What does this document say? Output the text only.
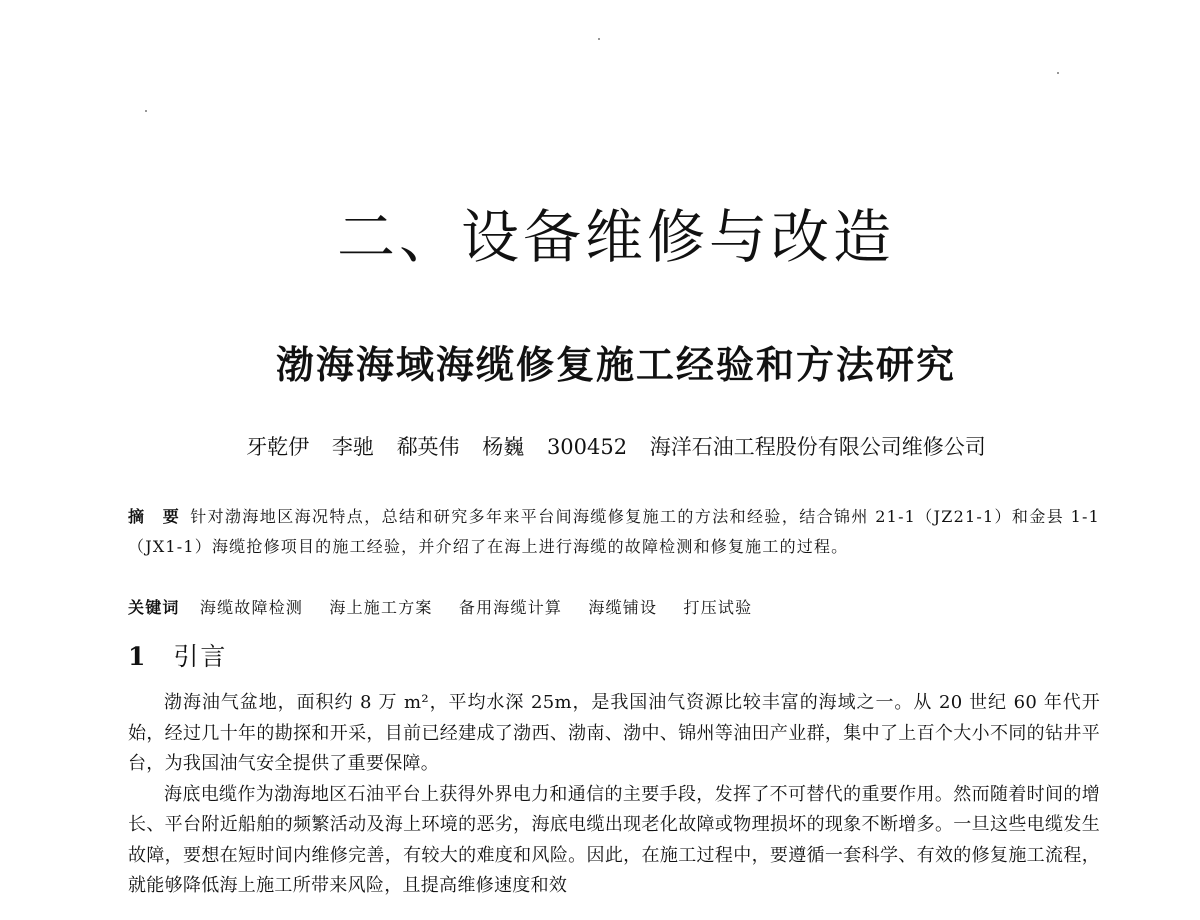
二、设备维修与改造
渤海海域海缆修复施工经验和方法研究
牙乾伊 李驰 郗英伟 杨巍 300452 海洋石油工程股份有限公司维修公司
摘　要 针对渤海地区海况特点，总结和研究多年来平台间海缆修复施工的方法和经验，结合锦州 21-1（JZ21-1）和金县 1-1（JX1-1）海缆抢修项目的施工经验，并介绍了在海上进行海缆的故障检测和修复施工的过程。
关键词 海缆故障检测 海上施工方案 备用海缆计算 海缆铺设 打压试验
1 引言

渤海油气盆地，面积约 8 万 m²，平均水深 25m，是我国油气资源比较丰富的海域之一。从 20 世纪 60 年代开始，经过几十年的勘探和开采，目前已经建成了渤西、渤南、渤中、锦州等油田产业群，集中了上百个大小不同的钻井平台，为我国油气安全提供了重要保障。

海底电缆作为渤海地区石油平台上获得外界电力和通信的主要手段，发挥了不可替代的重要作用。然而随着时间的增长、平台附近船舶的频繁活动及海上环境的恶劣，海底电缆出现老化故障或物理损坏的现象不断增多。一旦这些电缆发生故障，要想在短时间内维修完善，有较大的难度和风险。因此，在施工过程中，要遵循一套科学、有效的修复施工流程，就能够降低海上施工所带来风险，且提高维修速度和效
